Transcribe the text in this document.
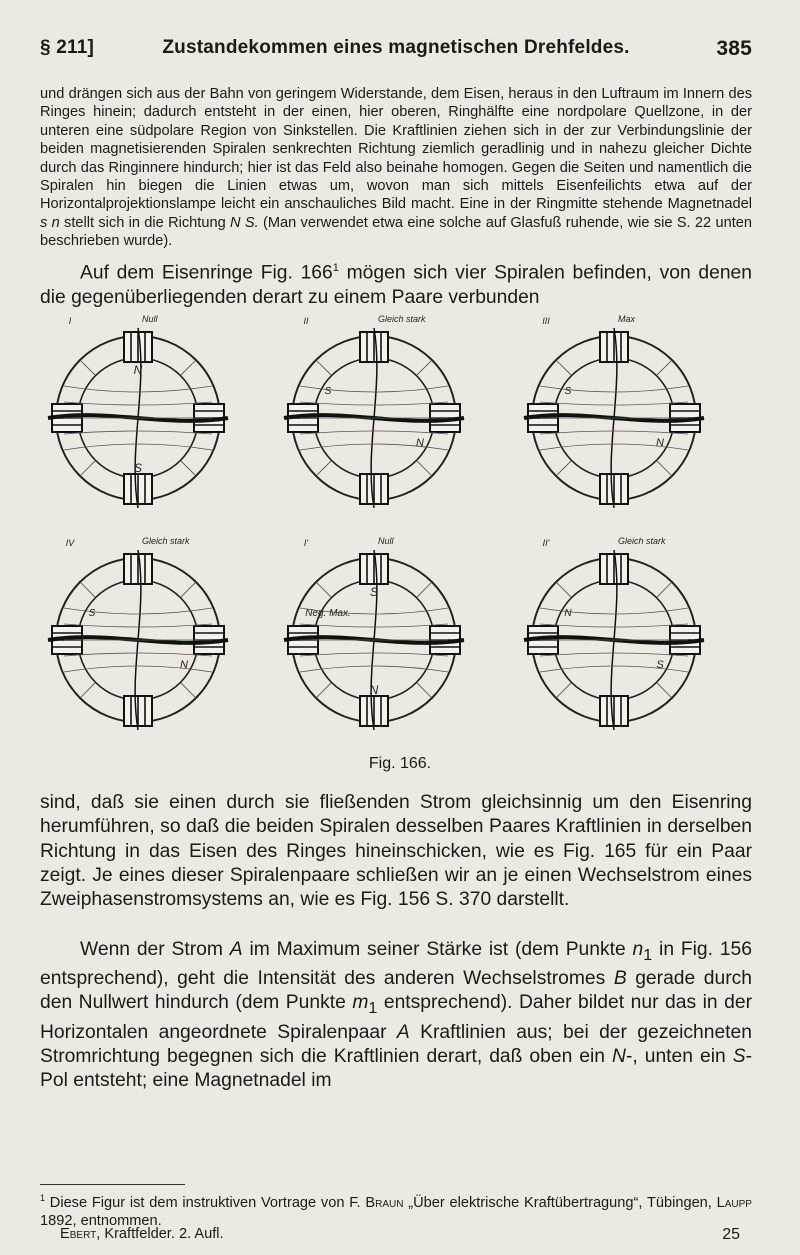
§ 211]	Zustandekommen eines magnetischen Drehfeldes.	385
und drängen sich aus der Bahn von geringem Widerstande, dem Eisen, heraus in den Luftraum im Innern des Ringes hinein; dadurch entsteht in der einen, hier oberen, Ringhälfte eine nordpolare Quellzone, in der unteren eine südpolare Region von Sinkstellen. Die Kraftlinien ziehen sich in der zur Verbindungslinie der beiden magnetisierenden Spiralen senkrechten Richtung ziemlich geradlinig und in nahezu gleicher Dichte durch das Ringinnere hindurch; hier ist das Feld also beinahe homogen. Gegen die Seiten und namentlich die Spiralen hin biegen die Linien etwas um, wovon man sich mittels Eisenfeilichts etwa auf der Horizontalprojektionslampe leicht ein anschauliches Bild macht. Eine in der Ringmitte stehende Magnetnadel s n stellt sich in die Richtung N S. (Man verwendet etwa eine solche auf Glasfuß ruhende, wie sie S. 22 unten beschrieben wurde).
Auf dem Eisenringe Fig. $166^1$ mögen sich vier Spiralen befinden, von denen die gegenüberliegenden derart zu einem Paare verbunden
I	Null
N
S
II	Gleich stark
S
N
III	Max
S
N
IV	Gleich stark
S
N
I'	Null
S
N
Neg. Max.
II'	Gleich stark
N
S
Fig. 166.
sind, daß sie einen durch sie fließenden Strom gleichsinnig um den Eisenring herumführen, so daß die beiden Spiralen desselben Paares Kraftlinien in derselben Richtung in das Eisen des Ringes hineinschicken, wie es Fig. 165 für ein Paar zeigt. Je eines dieser Spiralenpaare schließen wir an je einen Wechselstrom eines Zweiphasenstromsystems an, wie es Fig. 156 S. 370 darstellt.
Wenn der Strom A im Maximum seiner Stärke ist (dem Punkte $n_1$ in Fig. 156 entsprechend), geht die Intensität des anderen Wechselstromes B gerade durch den Nullwert hindurch (dem Punkte $m_1$ entsprechend). Daher bildet nur das in der Horizontalen angeordnete Spiralenpaar A Kraftlinien aus; bei der gezeichneten Stromrichtung begegnen sich die Kraftlinien derart, daß oben ein N-, unten ein S-Pol entsteht; eine Magnetnadel im
$^1$ Diese Figur ist dem instruktiven Vortrage von F. Braun „Über elektrische Kraftübertragung“, Tübingen, Laupp 1892, entnommen.
Ebert, Kraftfelder. 2. Aufl.	25
